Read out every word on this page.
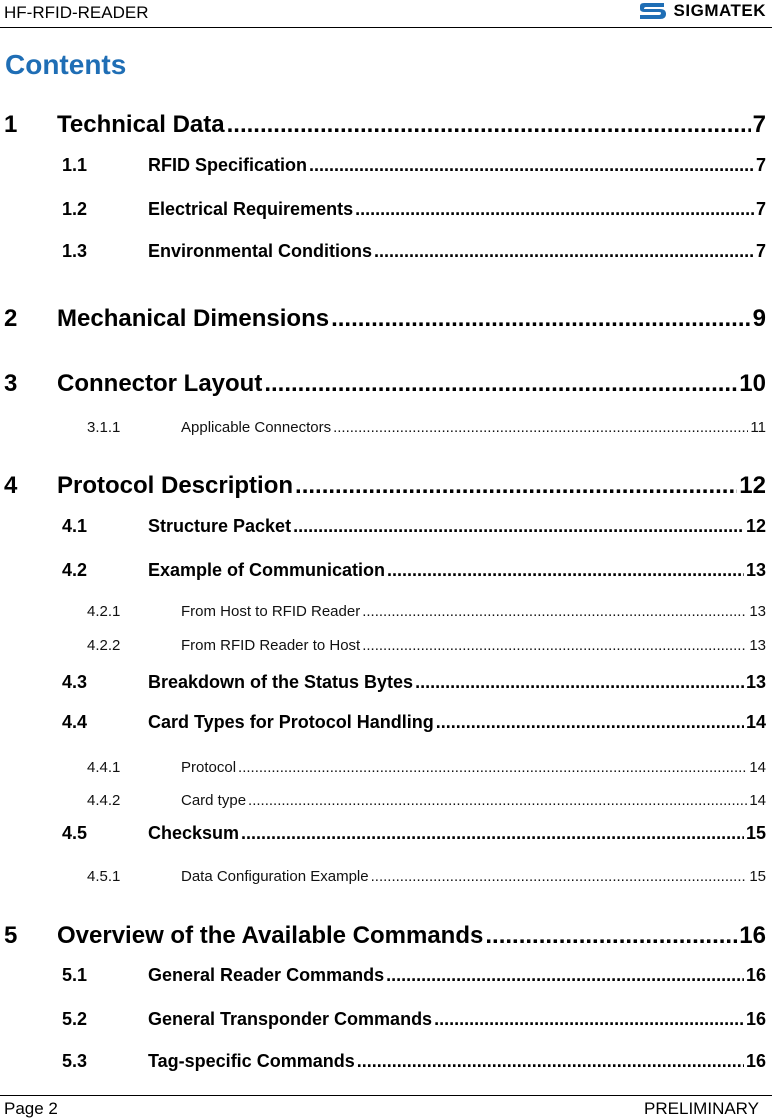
HF-RFID-READER	SIGMATEK
Contents
1	Technical Data .....	7
1.1	RFID Specification .....	7
1.2	Electrical Requirements .....	7
1.3	Environmental Conditions .....	7
2	Mechanical Dimensions .....	9
3	Connector Layout .....	10
3.1.1	Applicable Connectors .....	11
4	Protocol Description .....	12
4.1	Structure Packet .....	12
4.2	Example of Communication .....	13
4.2.1	From Host to RFID Reader .....	13
4.2.2	From RFID Reader to Host .....	13
4.3	Breakdown of the Status Bytes .....	13
4.4	Card Types for Protocol Handling .....	14
4.4.1	Protocol .....	14
4.4.2	Card type .....	14
4.5	Checksum .....	15
4.5.1	Data Configuration Example .....	15
5	Overview of the Available Commands .....	16
5.1	General Reader Commands .....	16
5.2	General Transponder Commands .....	16
5.3	Tag-specific Commands .....	16
Page 2	PRELIMINARY
